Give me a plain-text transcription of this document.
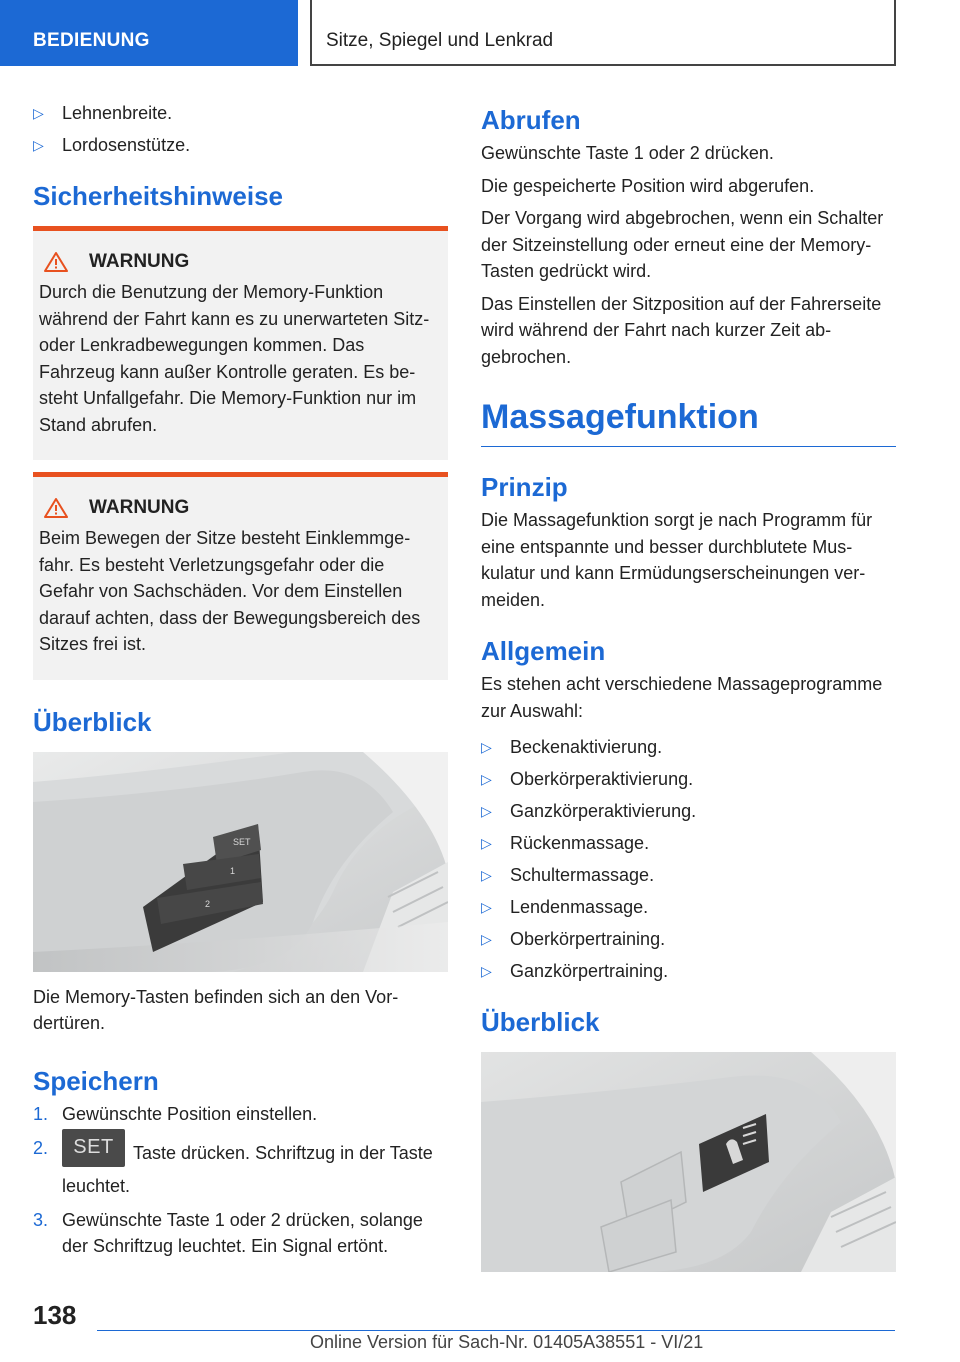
BEDIENUNG	Sitze, Spiegel und Lenkrad
▷ Lehnenbreite.
▷ Lordosenstütze.
Sicherheitshinweise
WARNUNG
Durch die Benutzung der Memory-Funktion während der Fahrt kann es zu unerwarteten Sitz- oder Lenkradbewegungen kommen. Das Fahrzeug kann außer Kontrolle geraten. Es besteht Unfallgefahr. Die Memory-Funktion nur im Stand abrufen.
WARNUNG
Beim Bewegen der Sitze besteht Einklemmgefahr. Es besteht Verletzungsgefahr oder die Gefahr von Sachschäden. Vor dem Einstellen darauf achten, dass der Bewegungsbereich des Sitzes frei ist.
Überblick
SET
1
2
Die Memory-Tasten befinden sich an den Vordertüren.
Speichern
1. Gewünschte Position einstellen.
2. SET Taste drücken. Schriftzug in der Taste leuchtet.
3. Gewünschte Taste 1 oder 2 drücken, solange der Schriftzug leuchtet. Ein Signal ertönt.
Abrufen
Gewünschte Taste 1 oder 2 drücken.
Die gespeicherte Position wird abgerufen.
Der Vorgang wird abgebrochen, wenn ein Schalter der Sitzeinstellung oder erneut eine der Memory-Tasten gedrückt wird.
Das Einstellen der Sitzposition auf der Fahrerseite wird während der Fahrt nach kurzer Zeit abgebrochen.
Massagefunktion
Prinzip
Die Massagefunktion sorgt je nach Programm für eine entspannte und besser durchblutete Muskulatur und kann Ermüdungserscheinungen vermeiden.
Allgemein
Es stehen acht verschiedene Massageprogramme zur Auswahl:
▷ Beckenaktivierung.
▷ Oberkörperaktivierung.
▷ Ganzkörperaktivierung.
▷ Rückenmassage.
▷ Schultermassage.
▷ Lendenmassage.
▷ Oberkörpertraining.
▷ Ganzkörpertraining.
Überblick
138
Online Version für Sach-Nr. 01405A38551 - VI/21
